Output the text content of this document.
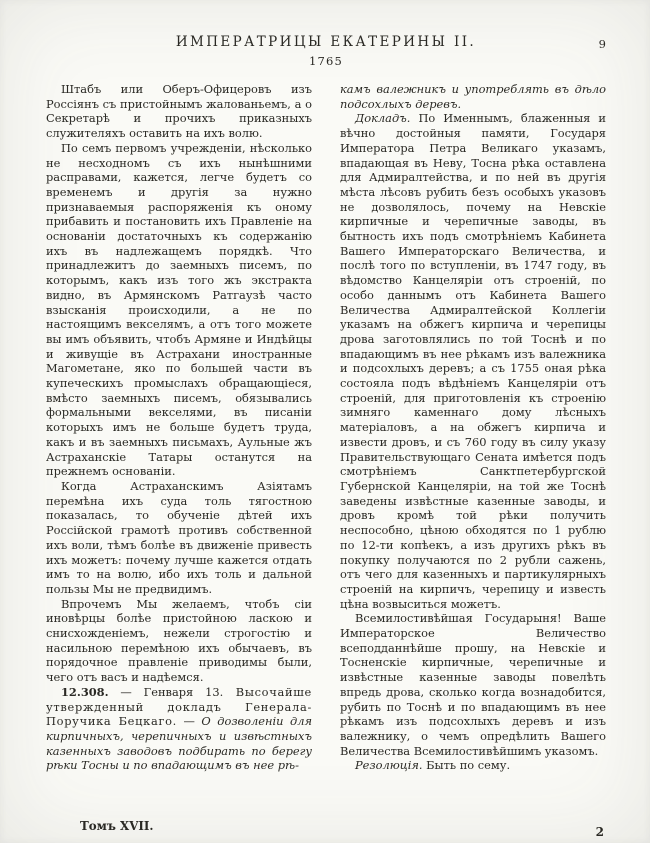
ИМПЕРАТРИЦЫ ЕКАТЕРИНЫ II.	9
1765

Штабъ или Оберъ-Офицеровъ изъ Россіянъ съ пристойнымъ жалованьемъ, а о Секретарѣ и прочихъ приказныхъ служителяхъ оставить на ихъ волю.

По семъ первомъ учрежденіи, нѣсколько не несходномъ съ ихъ нынѣшними расправами, кажется, легче будетъ со временемъ и другія за нужно признаваемыя распоряженія къ оному прибавить и постановить ихъ Правленіе на основаніи достаточныхъ къ содержанію ихъ въ надлежащемъ порядкѣ. Что принадлежитъ до заемныхъ писемъ, по которымъ, какъ изъ того жъ экстракта видно, въ Армянскомъ Ратгаузѣ часто взысканія происходили, а не по настоящимъ векселямъ, а отъ того можете вы имъ объявить, чтобъ Армяне и Индѣйцы и живущіе въ Астрахани иностранные Магометане, яко по большей части въ купеческихъ промыслахъ обращающіеся, вмѣсто заемныхъ писемъ, обязывались формальными векселями, въ писаніи которыхъ имъ не больше будетъ труда, какъ и въ заемныхъ письмахъ, Аульные жъ Астраханскіе Татары останутся на прежнемъ основаніи.

Когда Астраханскимъ Азіятамъ перемѣна ихъ суда толь тягостною показалась, то обученіе дѣтей ихъ Россійской грамотѣ противъ собственной ихъ воли, тѣмъ болѣе въ движеніе привесть ихъ можетъ: почему лучше кажется отдать имъ то на волю, ибо ихъ толь и дальной пользы Мы не предвидимъ.

Впрочемъ Мы желаемъ, чтобъ сіи иновѣрцы болѣе пристойною ласкою и снисхожденіемъ, нежели строгостію и насильною перемѣною ихъ обычаевъ, въ порядочное правленіе приводимы были, чего отъ васъ и надѣемся.

12.308. — Генваря 13. Высочайше утвержденный докладъ Генерала-Поручика Бецкаго. — О дозволеніи для кирпичныхъ, черепичныхъ и извѣстныхъ казенныхъ заводовъ подбирать по берегу рѣки Тосны и по впадающимъ въ нее рѣ-

камъ валежникъ и употреблять въ дѣло подсохлыхъ деревъ.

Докладъ. По Именнымъ, блаженныя и вѣчно достойныя памяти, Государя Императора Петра Великаго указамъ, впадающая въ Неву, Тосна рѣка оставлена для Адмиралтейства, и по ней въ другія мѣста лѣсовъ рубить безъ особыхъ указовъ не дозволялось, почему на Невскіе кирпичные и черепичные заводы, въ бытность ихъ подъ смотрѣніемъ Кабинета Вашего Императорскаго Величества, и послѣ того по вступленіи, въ 1747 году, въ вѣдомство Канцеляріи отъ строеній, по особо даннымъ отъ Кабинета Вашего Величества Адмиралтейской Коллегіи указамъ на обжегъ кирпича и черепицы дрова заготовлялись по той Тоснѣ и по впадающимъ въ нее рѣкамъ изъ валежника и подсохлыхъ деревъ; а съ 1755 оная рѣка состояла подъ вѣдѣніемъ Канцеляріи отъ строеній, для приготовленія къ строенію зимняго каменнаго дому лѣсныхъ матеріаловъ, а на обжегъ кирпича и извести дровъ, и съ 760 году въ силу указу Правительствующаго Сената имѣется подъ смотрѣніемъ Санктпетербургской Губернской Канцеляріи, на той же Тоснѣ заведены извѣстные казенные заводы, и дровъ кромѣ той рѣки получить неспособно, цѣною обходятся по 1 рублю по 12-ти копѣекъ, а изъ другихъ рѣкъ въ покупку получаются по 2 рубли сажень, отъ чего для казенныхъ и партикулярныхъ строеній на кирпичъ, черепицу и известь цѣна возвыситься можетъ.

Всемилостивѣйшая Государыня! Ваше Императорское Величество всеподданнѣйше прошу, на Невскіе и Тосненскіе кирпичные, черепичные и извѣстные казенные заводы повелѣть впредь дрова, сколько когда вознадобится, рубить по Тоснѣ и по впадающимъ въ нее рѣкамъ изъ подсохлыхъ деревъ и изъ валежнику, о чемъ опредѣлить Вашего Величества Всемилостивѣйшимъ указомъ.

Резолюція. Быть по сему.

Томъ XVII.	2
